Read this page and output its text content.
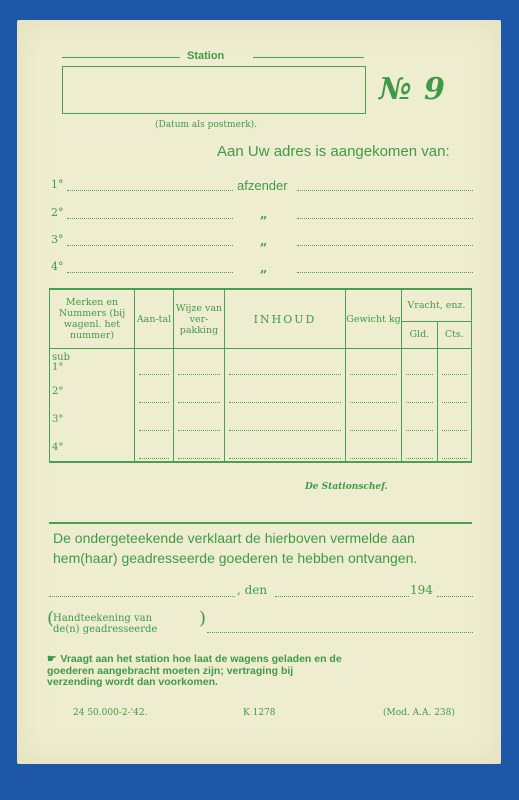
Station
№ 9
(Datum als postmerk).
Aan Uw adres is aangekomen van:
1°	afzender
2°	„
3°	„
4°	„
Merken en Nummers (bij wagenl. het nummer)	Aan-tal	Wijze van ver-pakking	INHOUD	Gewicht kg	Vracht, enz.	
					Gld.	Cts.
sub
1°	

2°	

3°	

4°	

De Stationschef.
De ondergeteekende verklaart de hierboven vermelde aan hem(haar) geadresseerde goederen te hebben ontvangen.
, den	194
(
Handteekening van
de(n) geadresseerde
)
☛ Vraagt aan het station hoe laat de wagens geladen en de goederen aangebracht moeten zijn; vertraging bij verzending wordt dan voorkomen.
24 50.000-2-'42.	K 1278	(Mod. A.A. 238)
